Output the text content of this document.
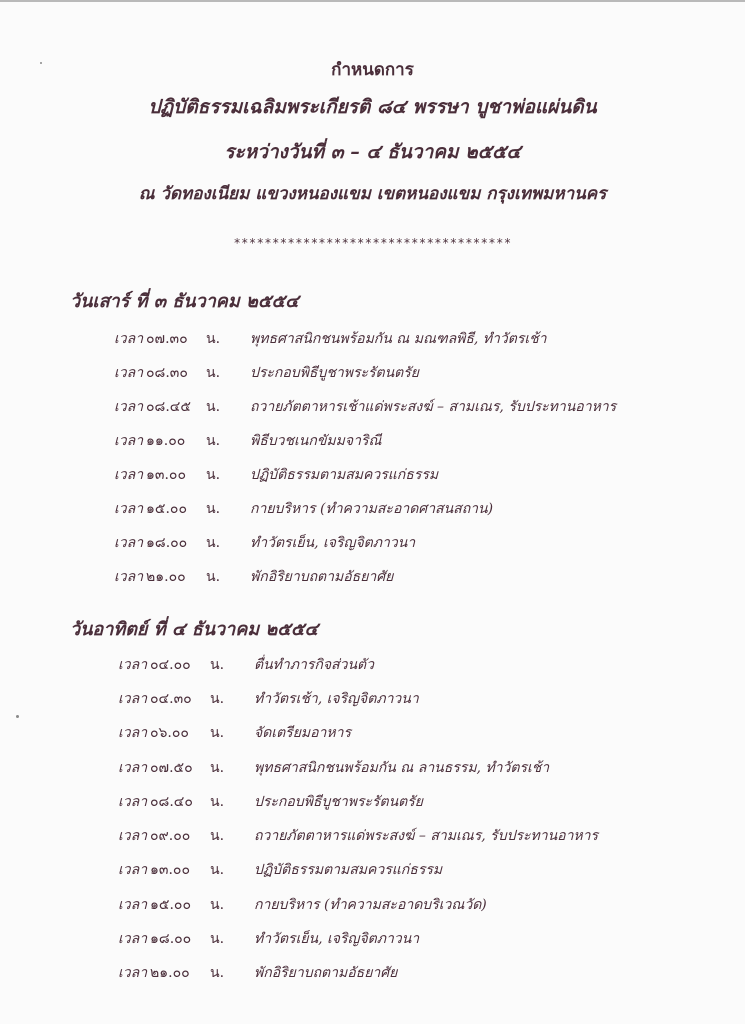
กำหนดการ
ปฏิบัติธรรมเฉลิมพระเกียรติ ๘๔ พรรษา บูชาพ่อแผ่นดิน
ระหว่างวันที่ ๓ – ๔ ธันวาคม ๒๕๕๔
ณ วัดทองเนียม แขวงหนองแขม เขตหนองแขม กรุงเทพมหานคร
************************************
วันเสาร์ ที่ ๓ ธันวาคม ๒๕๕๔
เวลา ๐๗.๓๐ น. พุทธศาสนิกชนพร้อมกัน ณ มณฑลพิธี, ทำวัตรเช้า
เวลา ๐๘.๓๐ น. ประกอบพิธีบูชาพระรัตนตรัย
เวลา ๐๘.๔๕ น. ถวายภัตตาหารเช้าแด่พระสงฆ์ – สามเณร, รับประทานอาหาร
เวลา ๑๑.๐๐ น. พิธีบวชเนกขัมมจาริณี
เวลา ๑๓.๐๐ น. ปฏิบัติธรรมตามสมควรแก่ธรรม
เวลา ๑๕.๐๐ น. กายบริหาร (ทำความสะอาดศาสนสถาน)
เวลา ๑๘.๐๐ น. ทำวัตรเย็น, เจริญจิตภาวนา
เวลา ๒๑.๐๐ น. พักอิริยาบถตามอัธยาศัย
วันอาทิตย์ ที่ ๔ ธันวาคม ๒๕๕๔
เวลา ๐๔.๐๐ น. ตื่นทำภารกิจส่วนตัว
เวลา ๐๔.๓๐ น. ทำวัตรเช้า, เจริญจิตภาวนา
เวลา ๐๖.๐๐ น. จัดเตรียมอาหาร
เวลา ๐๗.๕๐ น. พุทธศาสนิกชนพร้อมกัน ณ ลานธรรม, ทำวัตรเช้า
เวลา ๐๘.๔๐ น. ประกอบพิธีบูชาพระรัตนตรัย
เวลา ๐๙.๐๐ น. ถวายภัตตาหารแด่พระสงฆ์ – สามเณร, รับประทานอาหาร
เวลา ๑๓.๐๐ น. ปฏิบัติธรรมตามสมควรแก่ธรรม
เวลา ๑๕.๐๐ น. กายบริหาร (ทำความสะอาดบริเวณวัด)
เวลา ๑๘.๐๐ น. ทำวัตรเย็น, เจริญจิตภาวนา
เวลา ๒๑.๐๐ น. พักอิริยาบถตามอัธยาศัย
